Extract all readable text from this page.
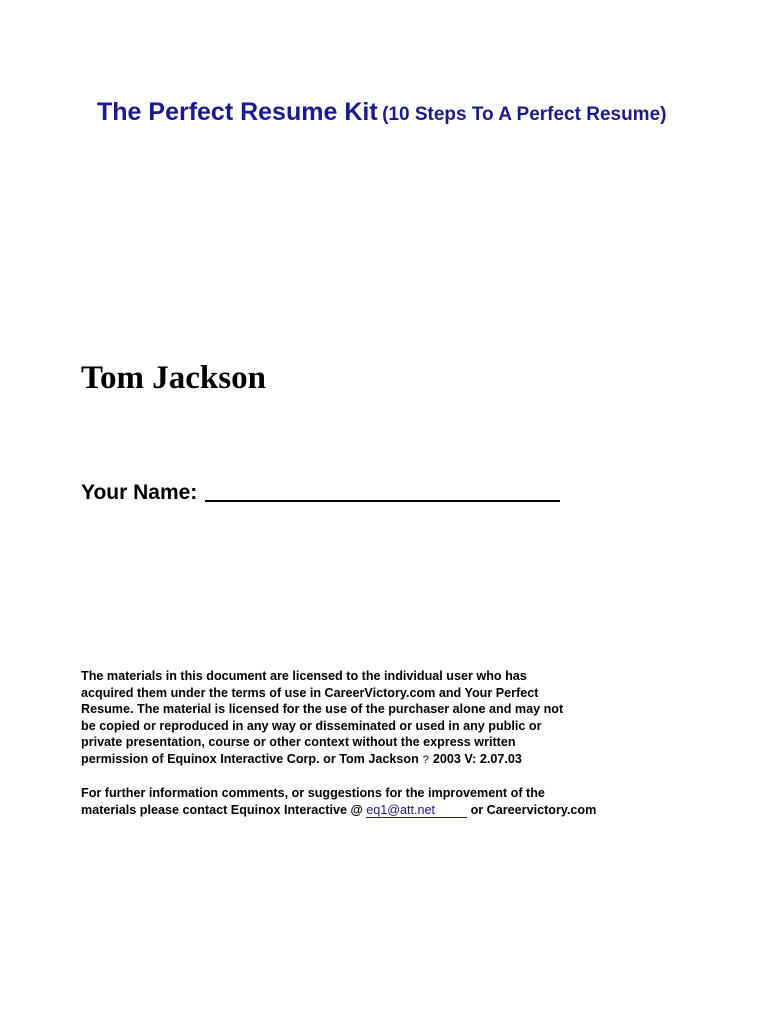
The Perfect Resume Kit (10 Steps To A Perfect Resume)
Tom Jackson
Your Name:

The materials in this document are licensed to the individual user who has

acquired them under the terms of use in CareerVictory.com and Your Perfect

Resume. The material is licensed for the use of the purchaser alone and may not

be copied or reproduced in any way or disseminated or used in any public or

private presentation, course or other context without the express written

permission of Equinox Interactive Corp. or Tom Jackson ? 2003 V: 2.07.03

For further information comments, or suggestions for the improvement of the

materials please contact Equinox Interactive @ eq1@att.net	or Careervictory.com
